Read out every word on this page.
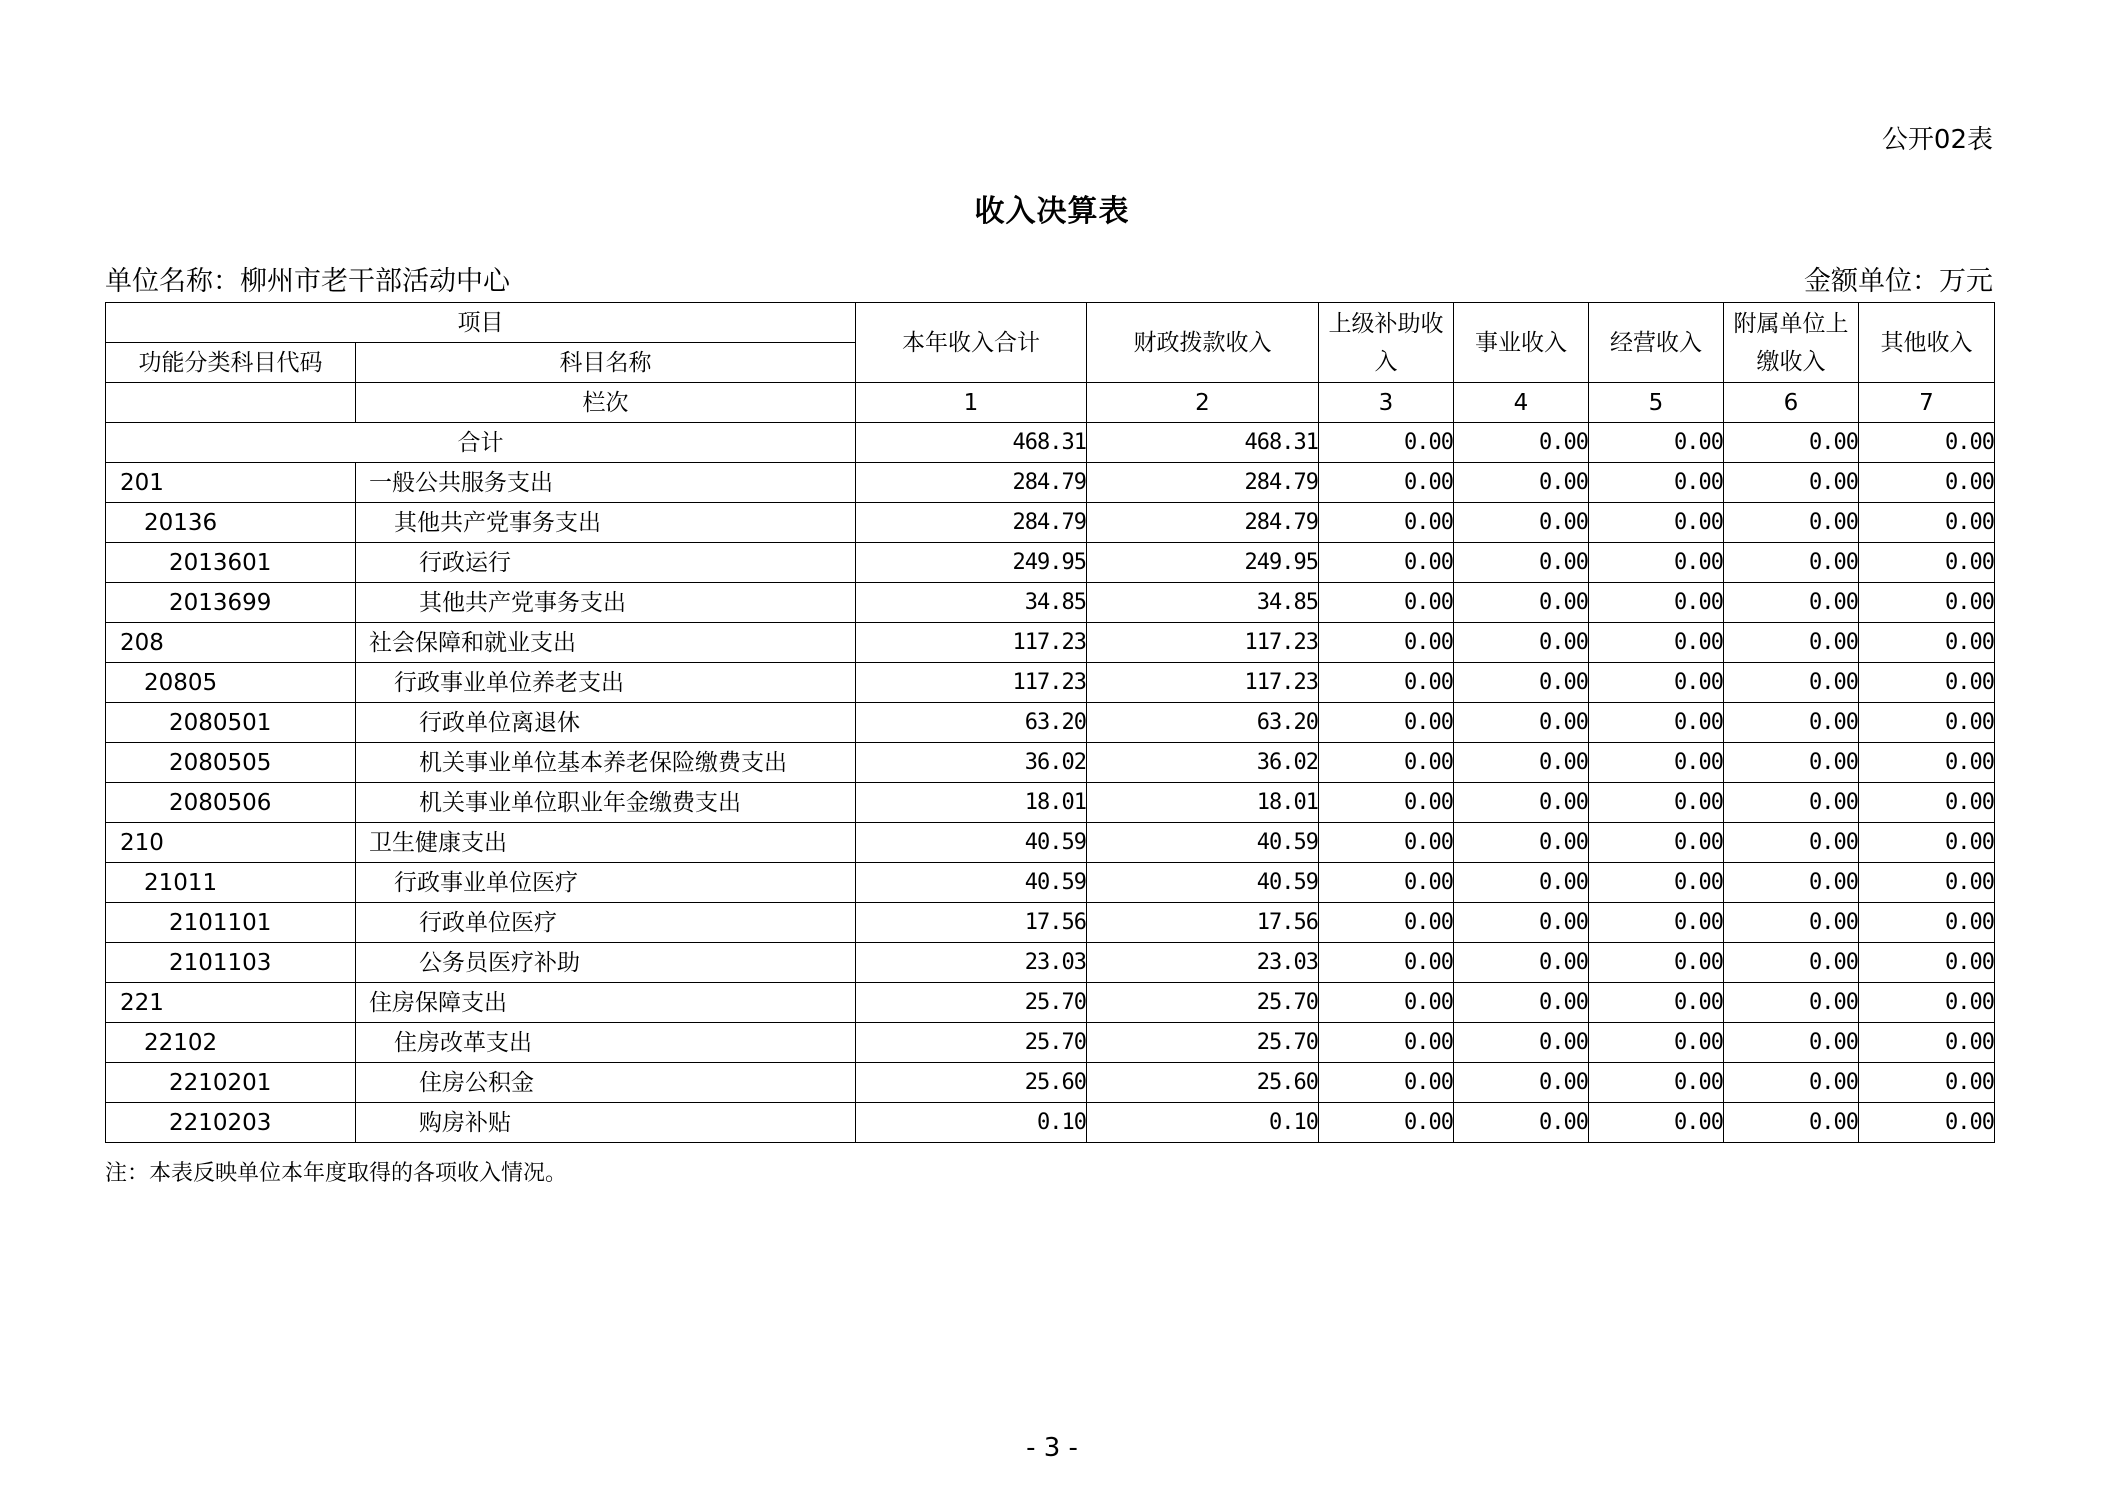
公开02表
收入决算表
单位名称：柳州市老干部活动中心	金额单位：万元
项目		本年收入合计	财政拨款收入	上级补助收入	事业收入	经营收入	附属单位上缴收入	其他收入
功能分类科目代码	科目名称							
	栏次	1	2	3	4	5	6	7
合计		468.31	468.31	0.00	0.00	0.00	0.00	0.00
201	一般公共服务支出	284.79	284.79	0.00	0.00	0.00	0.00	0.00
20136	其他共产党事务支出	284.79	284.79	0.00	0.00	0.00	0.00	0.00
2013601	行政运行	249.95	249.95	0.00	0.00	0.00	0.00	0.00
2013699	其他共产党事务支出	34.85	34.85	0.00	0.00	0.00	0.00	0.00
208	社会保障和就业支出	117.23	117.23	0.00	0.00	0.00	0.00	0.00
20805	行政事业单位养老支出	117.23	117.23	0.00	0.00	0.00	0.00	0.00
2080501	行政单位离退休	63.20	63.20	0.00	0.00	0.00	0.00	0.00
2080505	机关事业单位基本养老保险缴费支出	36.02	36.02	0.00	0.00	0.00	0.00	0.00
2080506	机关事业单位职业年金缴费支出	18.01	18.01	0.00	0.00	0.00	0.00	0.00
210	卫生健康支出	40.59	40.59	0.00	0.00	0.00	0.00	0.00
21011	行政事业单位医疗	40.59	40.59	0.00	0.00	0.00	0.00	0.00
2101101	行政单位医疗	17.56	17.56	0.00	0.00	0.00	0.00	0.00
2101103	公务员医疗补助	23.03	23.03	0.00	0.00	0.00	0.00	0.00
221	住房保障支出	25.70	25.70	0.00	0.00	0.00	0.00	0.00
22102	住房改革支出	25.70	25.70	0.00	0.00	0.00	0.00	0.00
2210201	住房公积金	25.60	25.60	0.00	0.00	0.00	0.00	0.00
2210203	购房补贴	0.10	0.10	0.00	0.00	0.00	0.00	0.00
注：本表反映单位本年度取得的各项收入情况。
- 3 -
